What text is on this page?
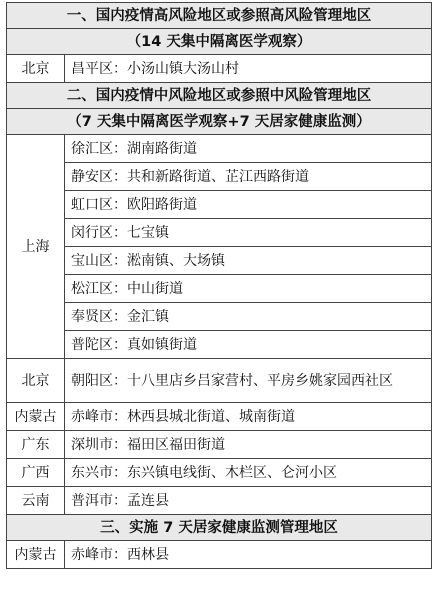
一、国内疫情高风险地区或参照高风险管理地区	
（14 天集中隔离医学观察）	
北京	昌平区：小汤山镇大汤山村
二、国内疫情中风险地区或参照中风险管理地区	
（7 天集中隔离医学观察+7 天居家健康监测）	
上海	徐汇区：湖南路街道
	静安区：共和新路街道、芷江西路街道
	虹口区：欧阳路街道
	闵行区：七宝镇
	宝山区：淞南镇、大场镇
	松江区：中山街道
	奉贤区：金汇镇
	普陀区：真如镇街道
北京	朝阳区：十八里店乡吕家营村、平房乡姚家园西社区
内蒙古	赤峰市：林西县城北街道、城南街道
广东	深圳市：福田区福田街道
广西	东兴市：东兴镇电线街、木栏区、仑河小区
云南	普洱市：孟连县
三、实施 7 天居家健康监测管理地区	
内蒙古	赤峰市：西林县
